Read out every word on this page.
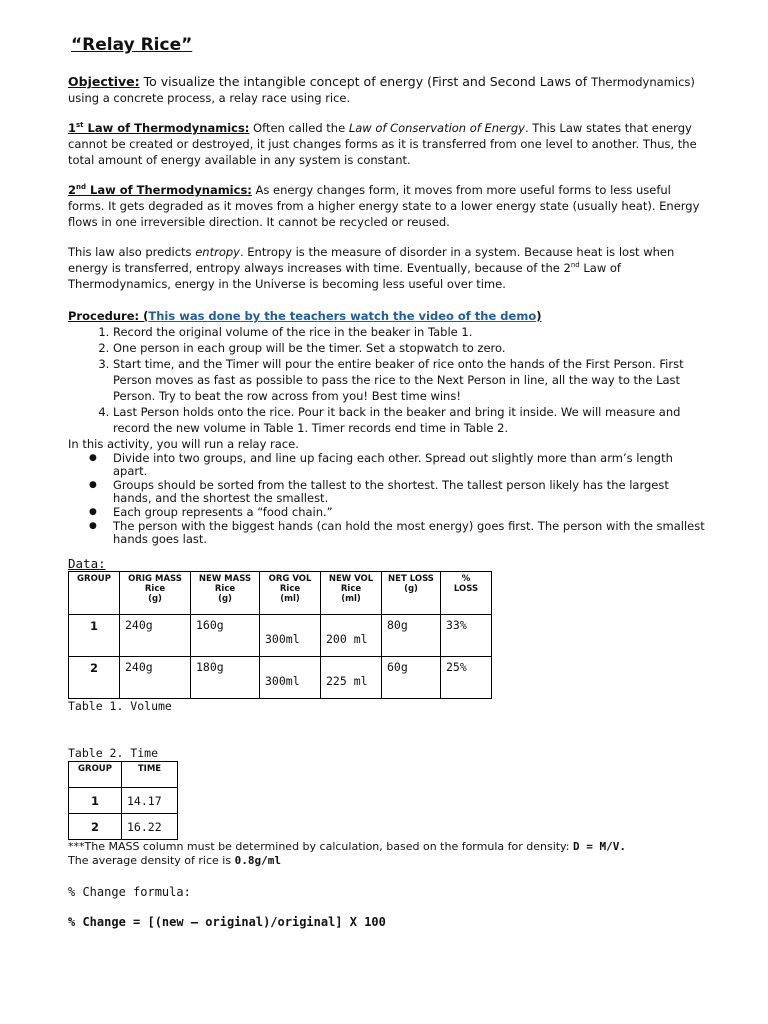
“Relay Rice”

Objective: To visualize the intangible concept of energy (First and Second Laws of Thermodynamics)
using a concrete process, a relay race using rice.

1st Law of Thermodynamics: Often called the Law of Conservation of Energy. This Law states that energy cannot be created or destroyed, it just changes forms as it is transferred from one level to another. Thus, the total amount of energy available in any system is constant.

2nd Law of Thermodynamics: As energy changes form, it moves from more useful forms to less useful forms. It gets degraded as it moves from a higher energy state to a lower energy state (usually heat). Energy flows in one irreversible direction. It cannot be recycled or reused.

This law also predicts entropy. Entropy is the measure of disorder in a system. Because heat is lost when energy is transferred, entropy always increases with time. Eventually, because of the 2nd Law of Thermodynamics, energy in the Universe is becoming less useful over time.

Procedure: (This was done by the teachers watch the video of the demo)
1. Record the original volume of the rice in the beaker in Table 1.
2. One person in each group will be the timer. Set a stopwatch to zero.
3. Start time, and the Timer will pour the entire beaker of rice onto the hands of the First Person. First Person moves as fast as possible to pass the rice to the Next Person in line, all the way to the Last Person. Try to beat the row across from you! Best time wins!
4. Last Person holds onto the rice. Pour it back in the beaker and bring it inside. We will measure and record the new volume in Table 1. Timer records end time in Table 2.
In this activity, you will run a relay race.
● Divide into two groups, and line up facing each other. Spread out slightly more than arm’s length apart.
● Groups should be sorted from the tallest to the shortest. The tallest person likely has the largest hands, and the shortest the smallest.
● Each group represents a “food chain.”
● The person with the biggest hands (can hold the most energy) goes first. The person with the smallest hands goes last.
Data:
GROUP	ORIG MASS
Rice
(g)	NEW MASS
Rice
(g)	ORG VOL
Rice
(ml)	NEW VOL
Rice
(ml)	NET LOSS
(g)	%
LOSS
1	240g	160g	300ml	200 ml	80g	33%
2	240g	180g	300ml	225 ml	60g	25%
Table 1. Volume
Table 2. Time
GROUP	TIME
1	14.17
2	16.22
***The MASS column must be determined by calculation, based on the formula for density: D = M/V.
The average density of rice is 0.8g/ml
% Change formula:
% Change = [(new – original)/original] X 100
